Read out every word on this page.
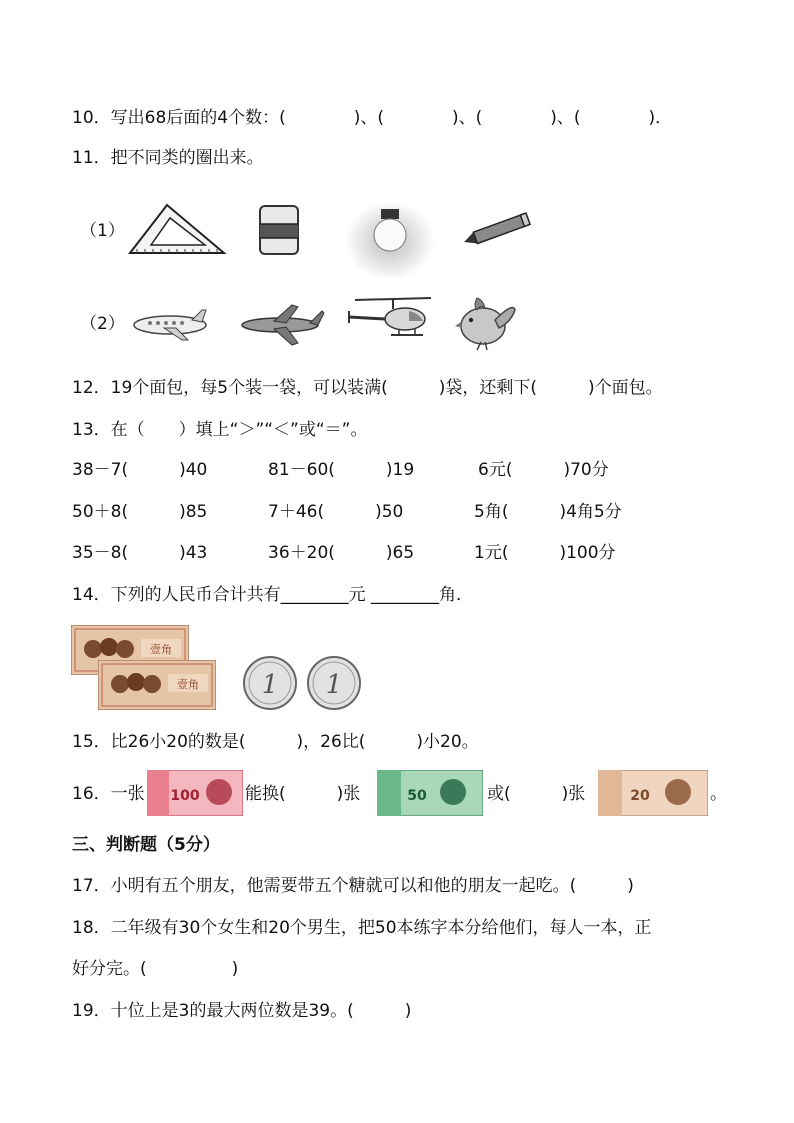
10．写出68后面的4个数：(　　　　)、(　　　　)、(　　　　)、(　　　　)．
11．把不同类的圈出来。
（1）
（2）
12．19个面包，每5个装一袋，可以装满(　　　)袋，还剩下(　　　)个面包。
13．在（　　）填上“＞”“＜”或“＝”。
38－7(　　　)40	81－60(　　　)19	6元(　　　)70分
50＋8(　　　)85	7＋46(　　　)50	5角(　　　)4角5分
35－8(　　　)43	36＋20(　　　)65	1元(　　　)100分
14．下列的人民币合计共有________元 ________角．
壹角
壹角 1 1
15．比26小20的数是(　　　)，26比(　　　)小20。
16．一张 100	能换(　　　)张	50	或(　　　)张	20	。
三、判断题（5分）
17．小明有五个朋友，他需要带五个糖就可以和他的朋友一起吃。(　　　)
18．二年级有30个女生和20个男生，把50本练字本分给他们，每人一本，正
好分完。(　　　　　)
19．十位上是3的最大两位数是39。(　　　)
